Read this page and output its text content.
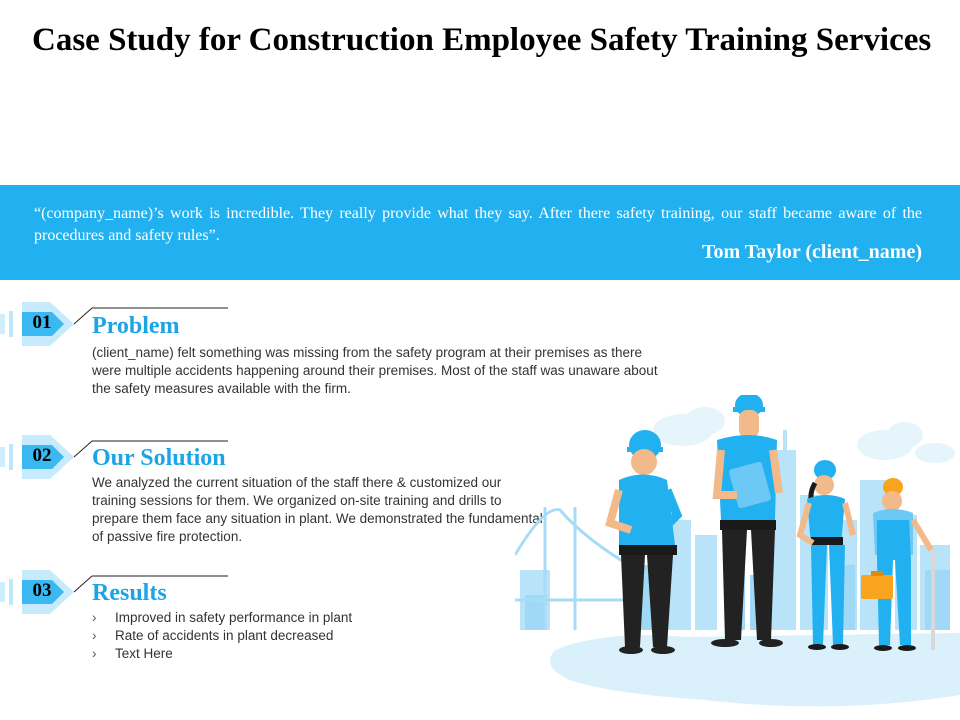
Case Study for Construction Employee Safety Training Services

“(company_name)’s work is incredible. They really provide what they say. After there safety training, our staff became aware of the procedures and safety rules”.

Tom Taylor (client_name)

01	Problem

(client_name) felt something was missing from the safety program at their premises as there were multiple accidents happening around their premises. Most of the staff was unaware about the safety measures available with the firm.

02	Our Solution

We analyzed the current situation of the staff there & customized our training sessions for them. We organized on-site training and drills to prepare them face any situation in plant. We demonstrated the fundamental of passive fire protection.

03	Results
› Improved in safety performance in plant
› Rate of accidents in plant decreased
› Text Here
